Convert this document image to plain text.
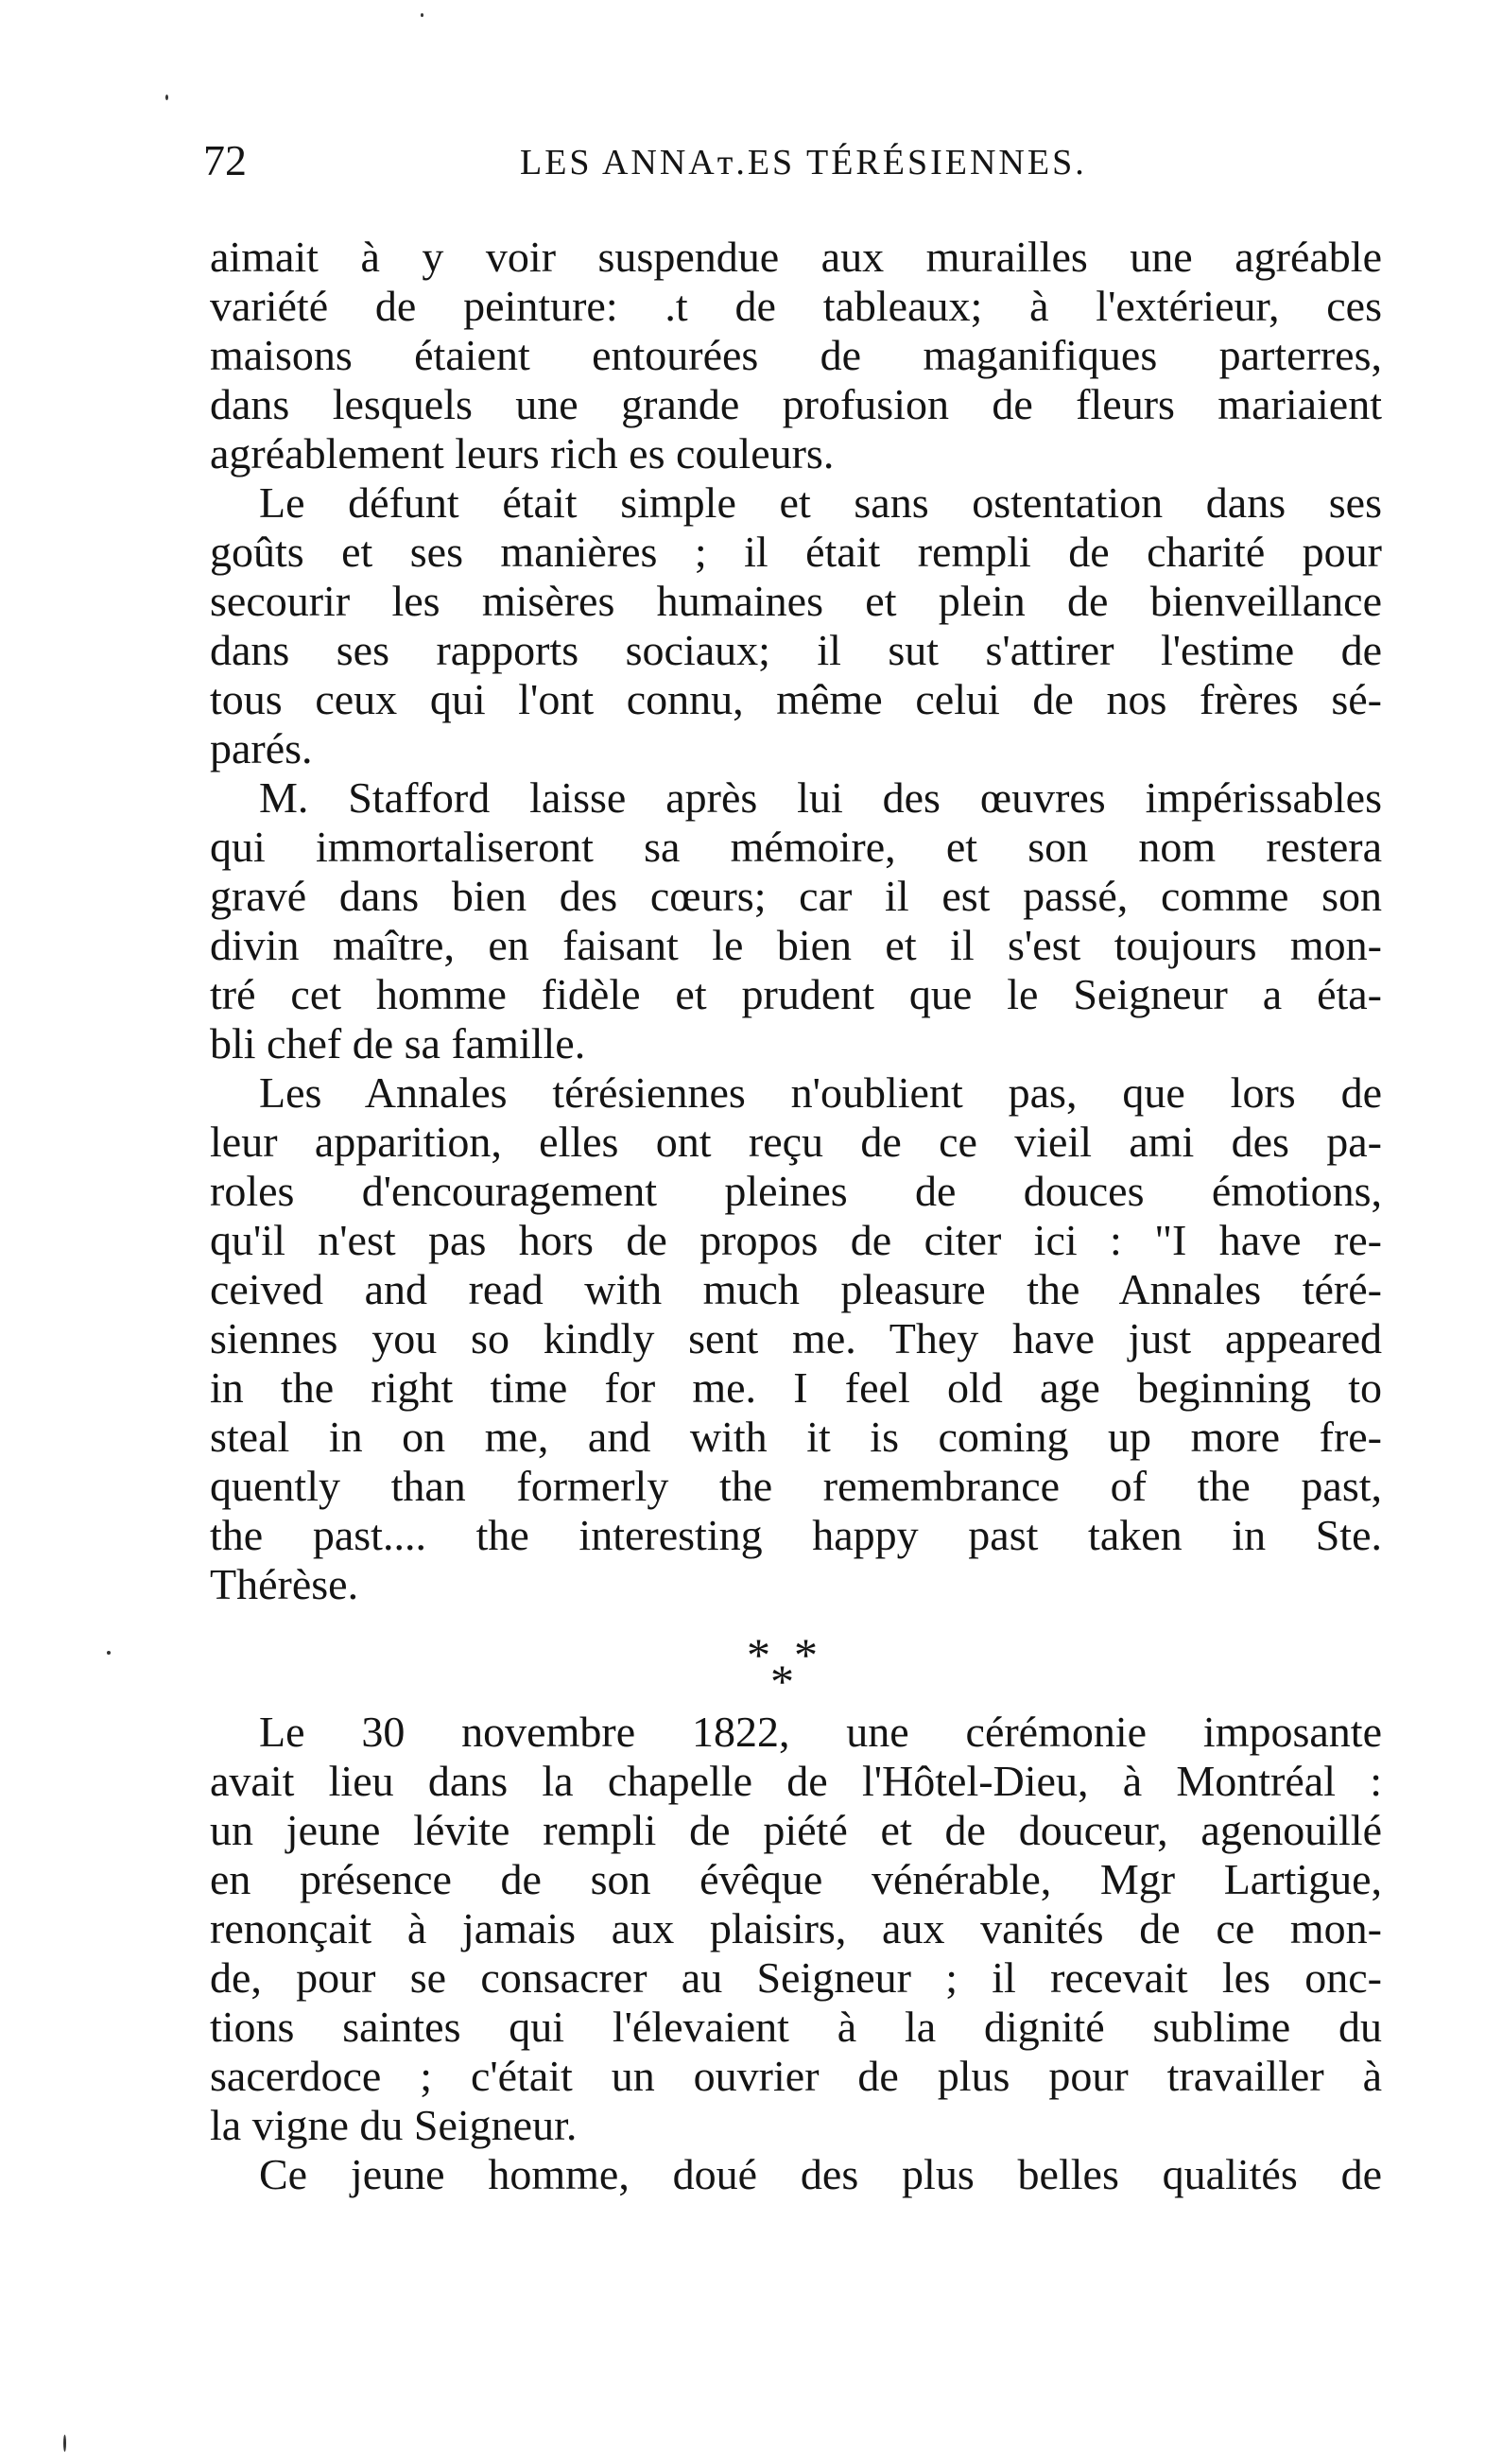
72	LES ANNAᴛ.ES TÉRÉSIENNES.
aimait à y voir suspendue aux murailles une agréable
variété de peinture: .t de tableaux; à l'extérieur, ces
maisons étaient entourées de maganifiques parterres,
dans lesquels une grande profusion de fleurs mariaient
agréablement leurs rich es couleurs.
Le défunt était simple et sans ostentation dans ses
goûts et ses manières ; il était rempli de charité pour
secourir les misères humaines et plein de bienveillance
dans ses rapports sociaux; il sut s'attirer l'estime de
tous ceux qui l'ont connu, même celui de nos frères sé-
parés.
M. Stafford laisse après lui des œuvres impérissables
qui immortaliseront sa mémoire, et son nom restera
gravé dans bien des cœurs; car il est passé, comme son
divin maître, en faisant le bien et il s'est toujours mon-
tré cet homme fidèle et prudent que le Seigneur a éta-
bli chef de sa famille.
Les Annales térésiennes n'oublient pas, que lors de
leur apparition, elles ont reçu de ce vieil ami des pa-
roles d'encouragement pleines de douces émotions,
qu'il n'est pas hors de propos de citer ici : "I have re-
ceived and read with much pleasure the Annales téré-
siennes you so kindly sent me. They have just appeared
in the right time for me. I feel old age beginning to
steal in on me, and with it is coming up more fre-
quently than formerly the remembrance of the past,
the past.... the interesting happy past taken in Ste.
Thérèse.
Le 30 novembre 1822, une cérémonie imposante
avait lieu dans la chapelle de l'Hôtel-Dieu, à Montréal :
un jeune lévite rempli de piété et de douceur, agenouillé
en présence de son évêque vénérable, Mgr Lartigue,
renonçait à jamais aux plaisirs, aux vanités de ce mon-
de, pour se consacrer au Seigneur ; il recevait les onc-
tions saintes qui l'élevaient à la dignité sublime du
sacerdoce ; c'était un ouvrier de plus pour travailler à
la vigne du Seigneur.
Ce jeune homme, doué des plus belles qualités de
* *
*
